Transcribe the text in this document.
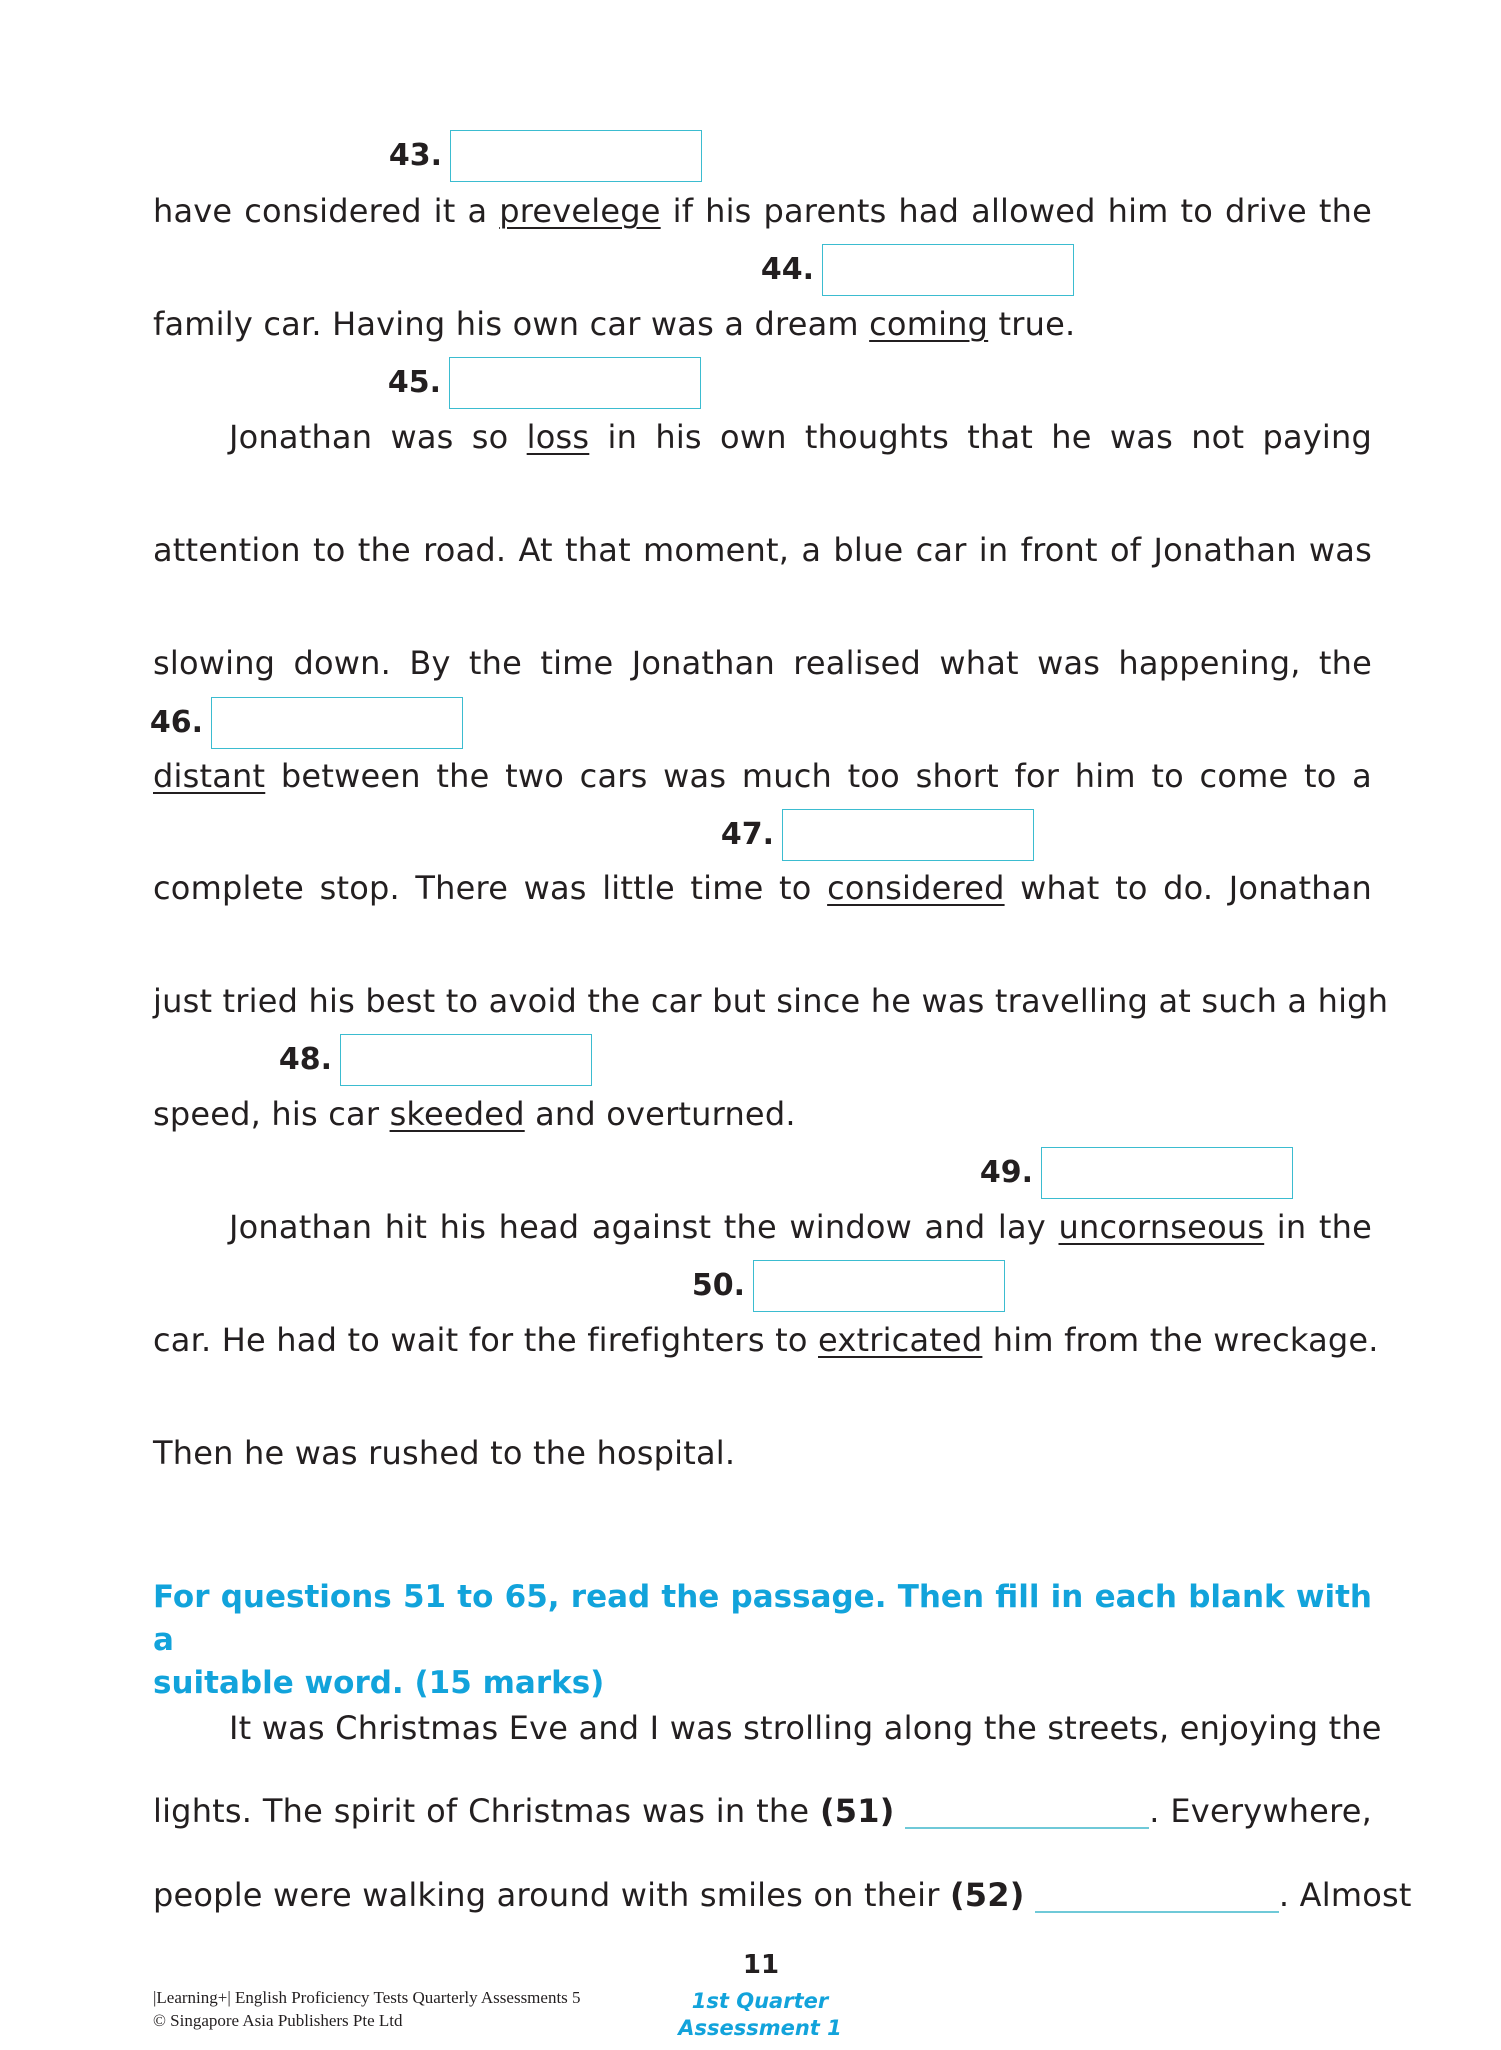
43.
have considered it a prevelege if his parents had allowed him to drive the
44.
family car. Having his own car was a dream coming true.
45.
Jonathan was so loss in his own thoughts that he was not paying
attention to the road. At that moment, a blue car in front of Jonathan was
slowing down. By the time Jonathan realised what was happening, the
46.
distant between the two cars was much too short for him to come to a
47.
complete stop. There was little time to considered what to do. Jonathan
just tried his best to avoid the car but since he was travelling at such a high
48.
speed, his car skeeded and overturned.
49.
Jonathan hit his head against the window and lay uncornseous in the
50.
car. He had to wait for the firefighters to extricated him from the wreckage.
Then he was rushed to the hospital.
For questions 51 to 65, read the passage. Then fill in each blank with a
suitable word. (15 marks)
It was Christmas Eve and I was strolling along the streets, enjoying the
lights. The spirit of Christmas was in the (51)	. Everywhere,
people were walking around with smiles on their (52)	. Almost
11
|Learning+| English Proficiency Tests Quarterly Assessments 5
© Singapore Asia Publishers Pte Ltd
1st Quarter
Assessment 1
